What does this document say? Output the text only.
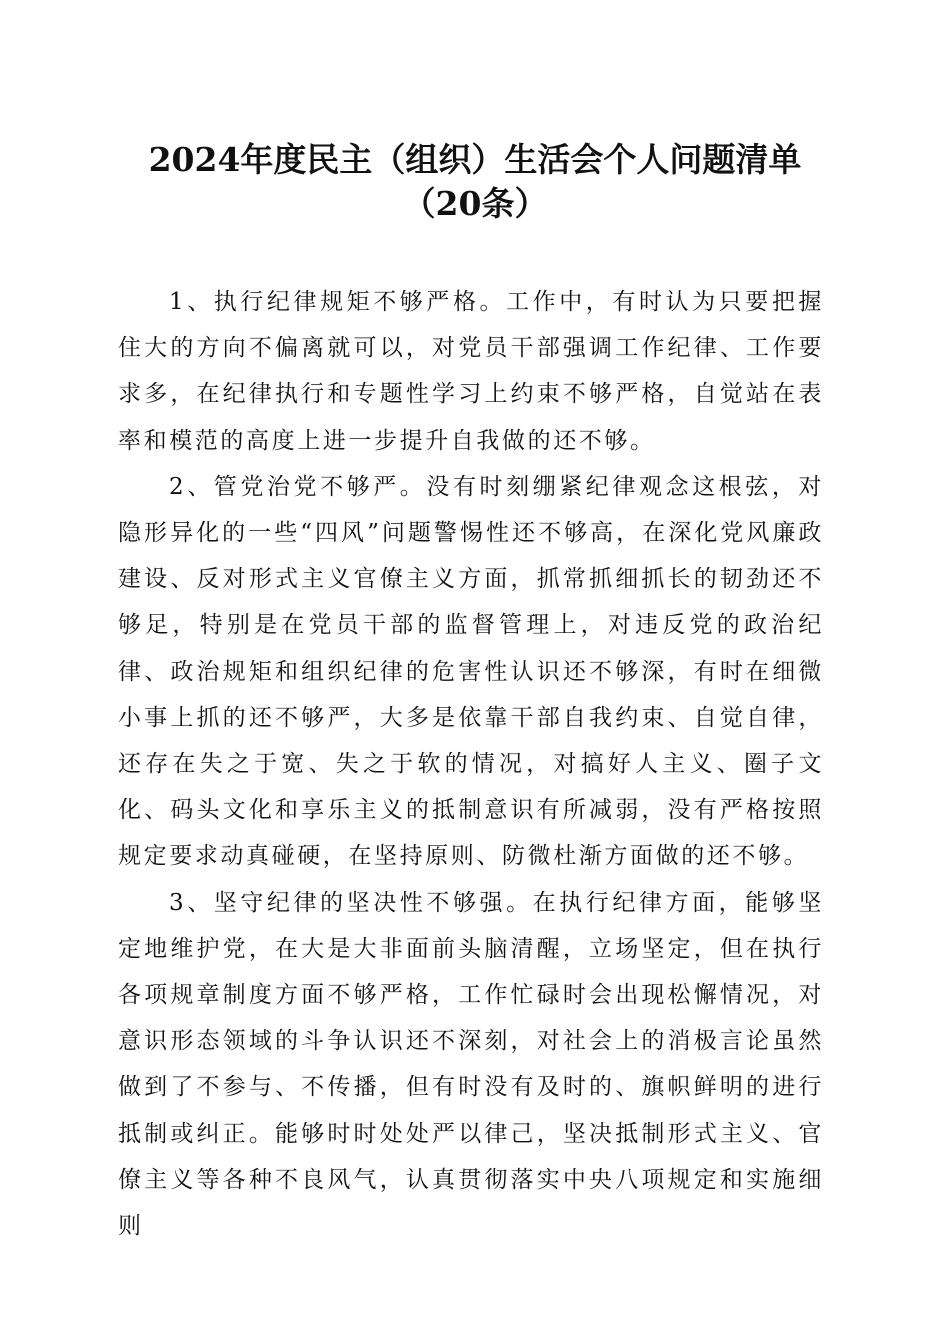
2024年度民主（组织）生活会个人问题清单
（20条）

1、执行纪律规矩不够严格。工作中，有时认为只要把握住大的方向不偏离就可以，对党员干部强调工作纪律、工作要求多，在纪律执行和专题性学习上约束不够严格，自觉站在表率和模范的高度上进一步提升自我做的还不够。

2、管党治党不够严。没有时刻绷紧纪律观念这根弦，对隐形异化的一些“四风”问题警惕性还不够高，在深化党风廉政建设、反对形式主义官僚主义方面，抓常抓细抓长的韧劲还不够足，特别是在党员干部的监督管理上，对违反党的政治纪律、政治规矩和组织纪律的危害性认识还不够深，有时在细微小事上抓的还不够严，大多是依靠干部自我约束、自觉自律，还存在失之于宽、失之于软的情况，对搞好人主义、圈子文化、码头文化和享乐主义的抵制意识有所减弱，没有严格按照规定要求动真碰硬，在坚持原则、防微杜渐方面做的还不够。

3、坚守纪律的坚决性不够强。在执行纪律方面，能够坚定地维护党，在大是大非面前头脑清醒，立场坚定，但在执行各项规章制度方面不够严格，工作忙碌时会出现松懈情况，对意识形态领域的斗争认识还不深刻，对社会上的消极言论虽然做到了不参与、不传播，但有时没有及时的、旗帜鲜明的进行抵制或纠正。能够时时处处严以律己，坚决抵制形式主义、官僚主义等各种不良风气，认真贯彻落实中央八项规定和实施细则
